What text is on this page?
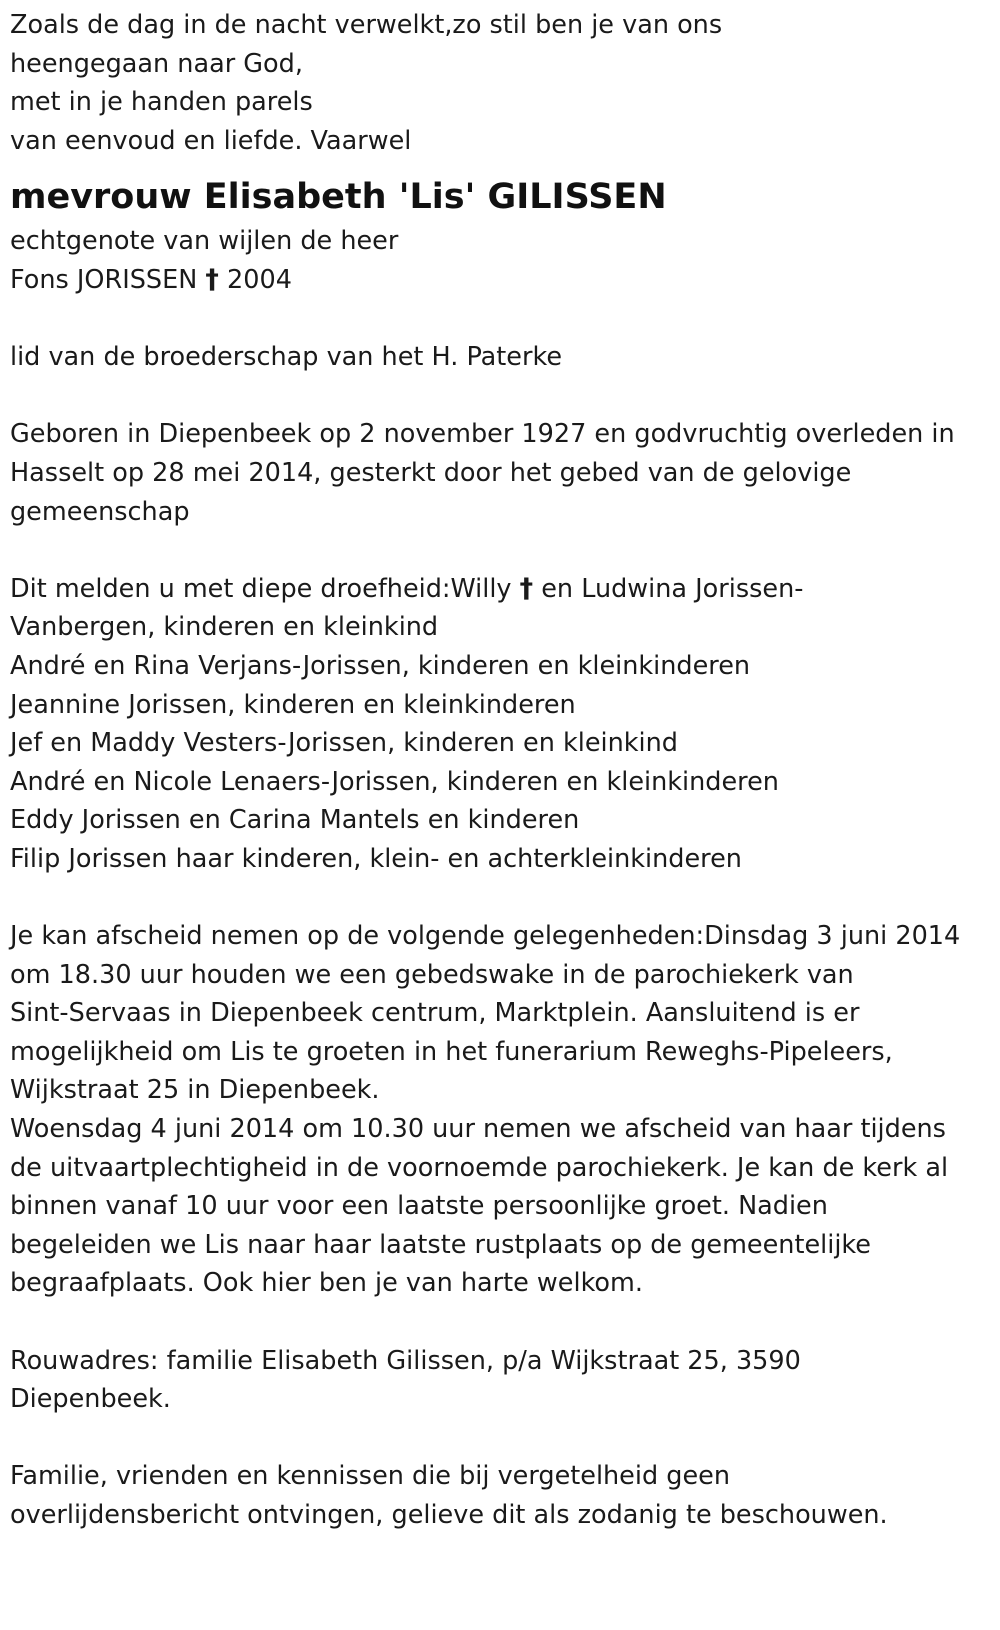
Zoals de dag in de nacht verwelkt,zo stil ben je van ons
heengegaan naar God,
met in je handen parels
van eenvoud en liefde. Vaarwel
mevrouw Elisabeth 'Lis' GILISSEN
echtgenote van wijlen de heer
Fons JORISSEN † 2004
lid van de broederschap van het H. Paterke
Geboren in Diepenbeek op 2 november 1927 en godvruchtig overleden in
Hasselt op 28 mei 2014, gesterkt door het gebed van de gelovige
gemeenschap
Dit melden u met diepe droefheid:Willy † en Ludwina Jorissen-
Vanbergen, kinderen en kleinkind
André en Rina Verjans-Jorissen, kinderen en kleinkinderen
Jeannine Jorissen, kinderen en kleinkinderen
Jef en Maddy Vesters-Jorissen, kinderen en kleinkind
André en Nicole Lenaers-Jorissen, kinderen en kleinkinderen
Eddy Jorissen en Carina Mantels en kinderen
Filip Jorissen haar kinderen, klein- en achterkleinkinderen
Je kan afscheid nemen op de volgende gelegenheden:Dinsdag 3 juni 2014
om 18.30 uur houden we een gebedswake in de parochiekerk van
Sint-Servaas in Diepenbeek centrum, Marktplein. Aansluitend is er
mogelijkheid om Lis te groeten in het funerarium Reweghs-Pipeleers,
Wijkstraat 25 in Diepenbeek.
Woensdag 4 juni 2014 om 10.30 uur nemen we afscheid van haar tijdens
de uitvaartplechtigheid in de voornoemde parochiekerk. Je kan de kerk al
binnen vanaf 10 uur voor een laatste persoonlijke groet. Nadien
begeleiden we Lis naar haar laatste rustplaats op de gemeentelijke
begraafplaats. Ook hier ben je van harte welkom.
Rouwadres: familie Elisabeth Gilissen, p/a Wijkstraat 25, 3590
Diepenbeek.
Familie, vrienden en kennissen die bij vergetelheid geen
overlijdensbericht ontvingen, gelieve dit als zodanig te beschouwen.
